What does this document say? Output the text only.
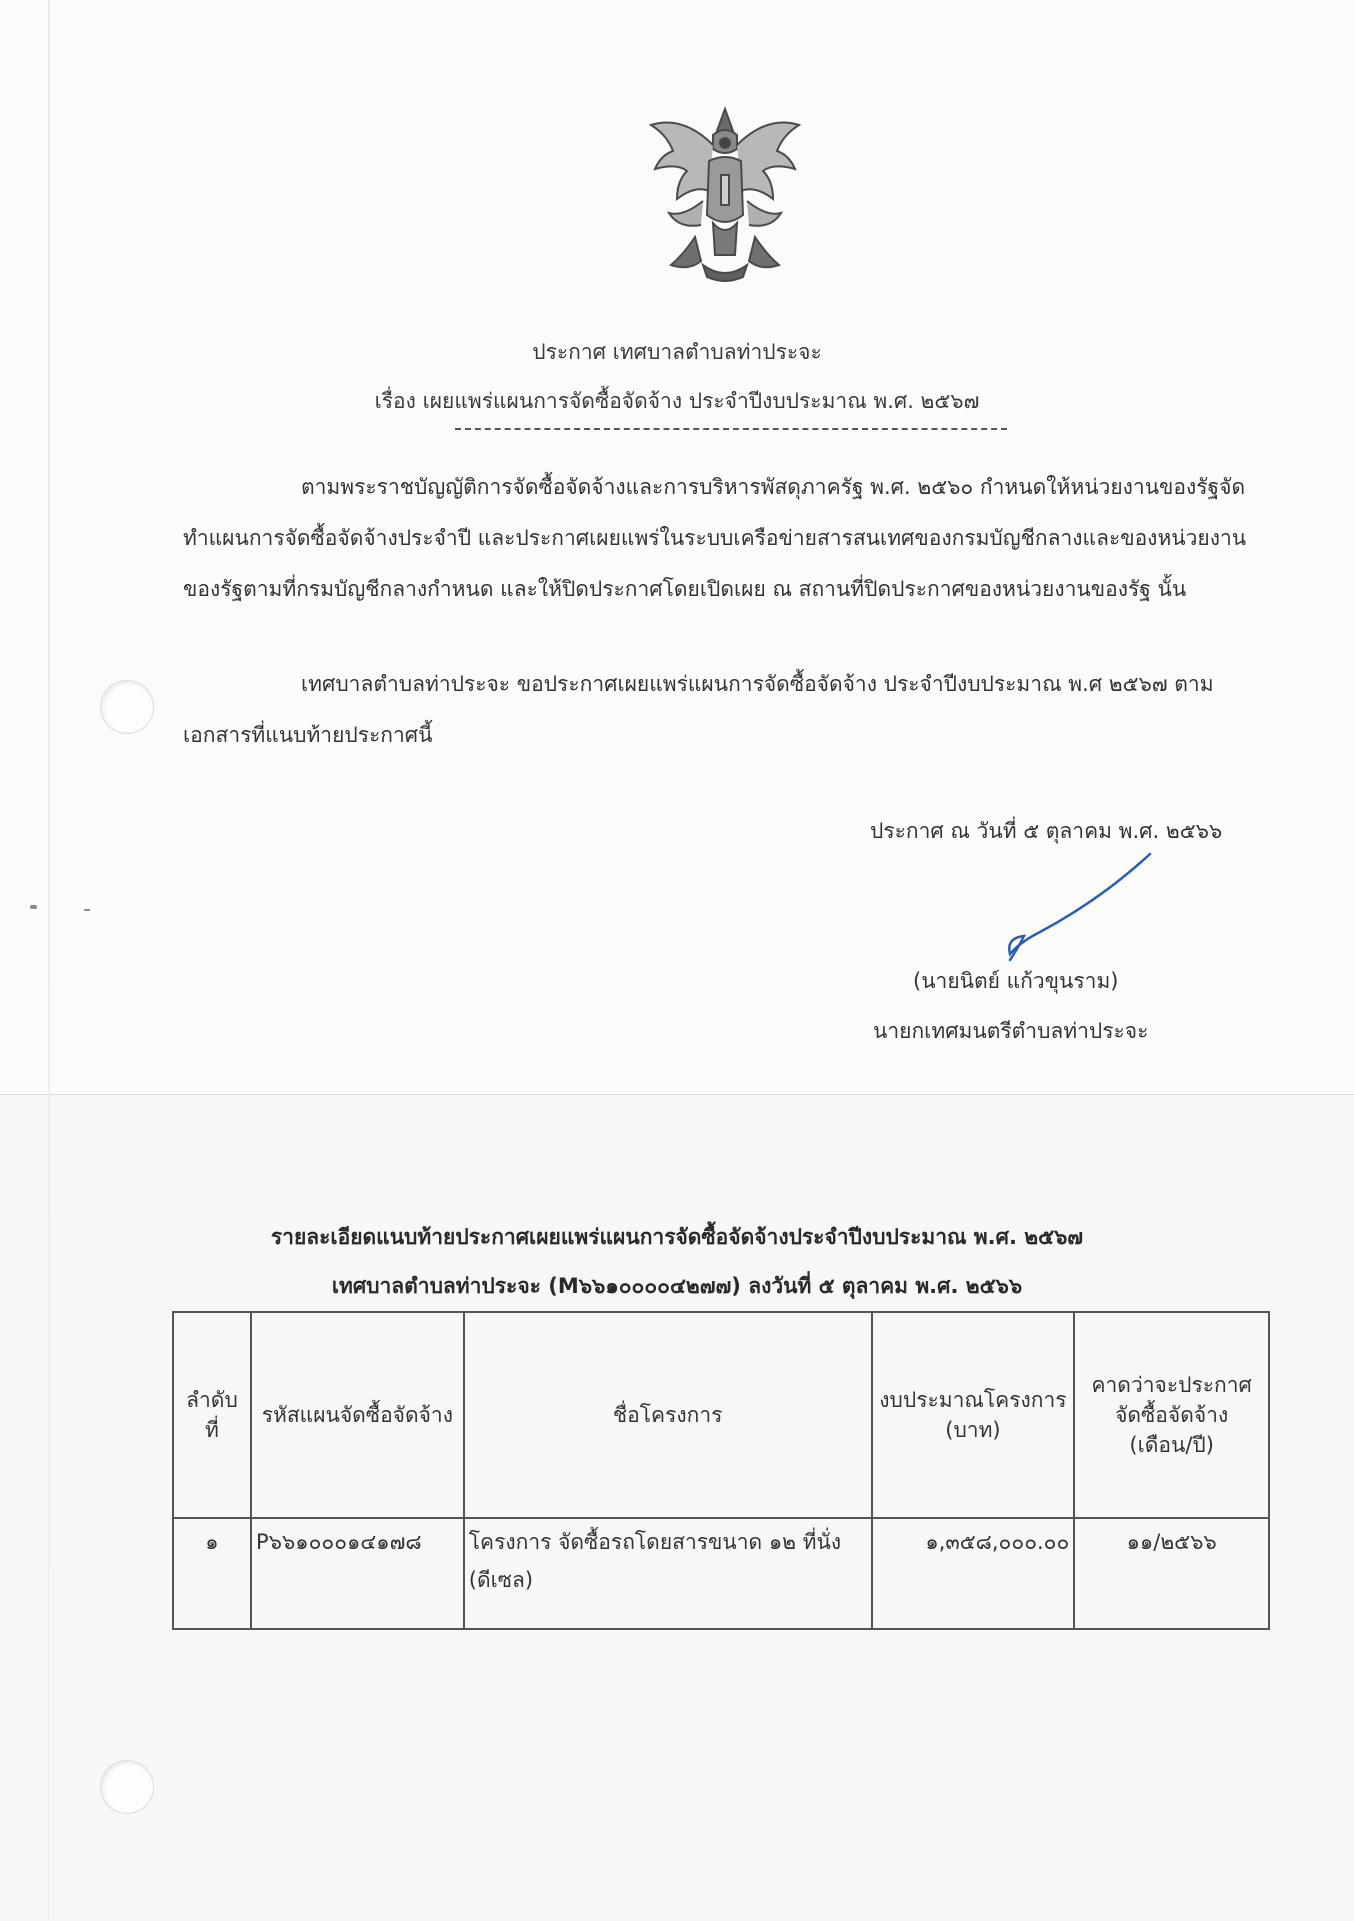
ประกาศ เทศบาลตำบลท่าประจะ
เรื่อง เผยแพร่แผนการจัดซื้อจัดจ้าง ประจำปีงบประมาณ พ.ศ. ๒๕๖๗
ตามพระราชบัญญัติการจัดซื้อจัดจ้างและการบริหารพัสดุภาครัฐ พ.ศ. ๒๕๖๐ กำหนดให้หน่วยงานของรัฐจัดทำแผนการจัดซื้อจัดจ้างประจำปี และประกาศเผยแพร่ในระบบเครือข่ายสารสนเทศของกรมบัญชีกลางและของหน่วยงานของรัฐตามที่กรมบัญชีกลางกำหนด และให้ปิดประกาศโดยเปิดเผย ณ สถานที่ปิดประกาศของหน่วยงานของรัฐ นั้น
เทศบาลตำบลท่าประจะ ขอประกาศเผยแพร่แผนการจัดซื้อจัดจ้าง ประจำปีงบประมาณ พ.ศ ๒๕๖๗ ตามเอกสารที่แนบท้ายประกาศนี้
ประกาศ ณ วันที่ ๕ ตุลาคม พ.ศ. ๒๕๖๖
(นายนิตย์ แก้วขุนราม)
นายกเทศมนตรีตำบลท่าประจะ
รายละเอียดแนบท้ายประกาศเผยแพร่แผนการจัดซื้อจัดจ้างประจำปีงบประมาณ พ.ศ. ๒๕๖๗
เทศบาลตำบลท่าประจะ (M๖๖๑๐๐๐๐๔๒๗๗) ลงวันที่ ๕ ตุลาคม พ.ศ. ๒๕๖๖
ลำดับที่	รหัสแผนจัดซื้อจัดจ้าง	ชื่อโครงการ	งบประมาณโครงการ (บาท)	คาดว่าจะประกาศจัดซื้อจัดจ้าง (เดือน/ปี)
๑	P๖๖๑๐๐๐๑๔๑๗๘	โครงการ จัดซื้อรถโดยสารขนาด ๑๒ ที่นั่ง (ดีเซล)	๑,๓๕๘,๐๐๐.๐๐	๑๑/๒๕๖๖
